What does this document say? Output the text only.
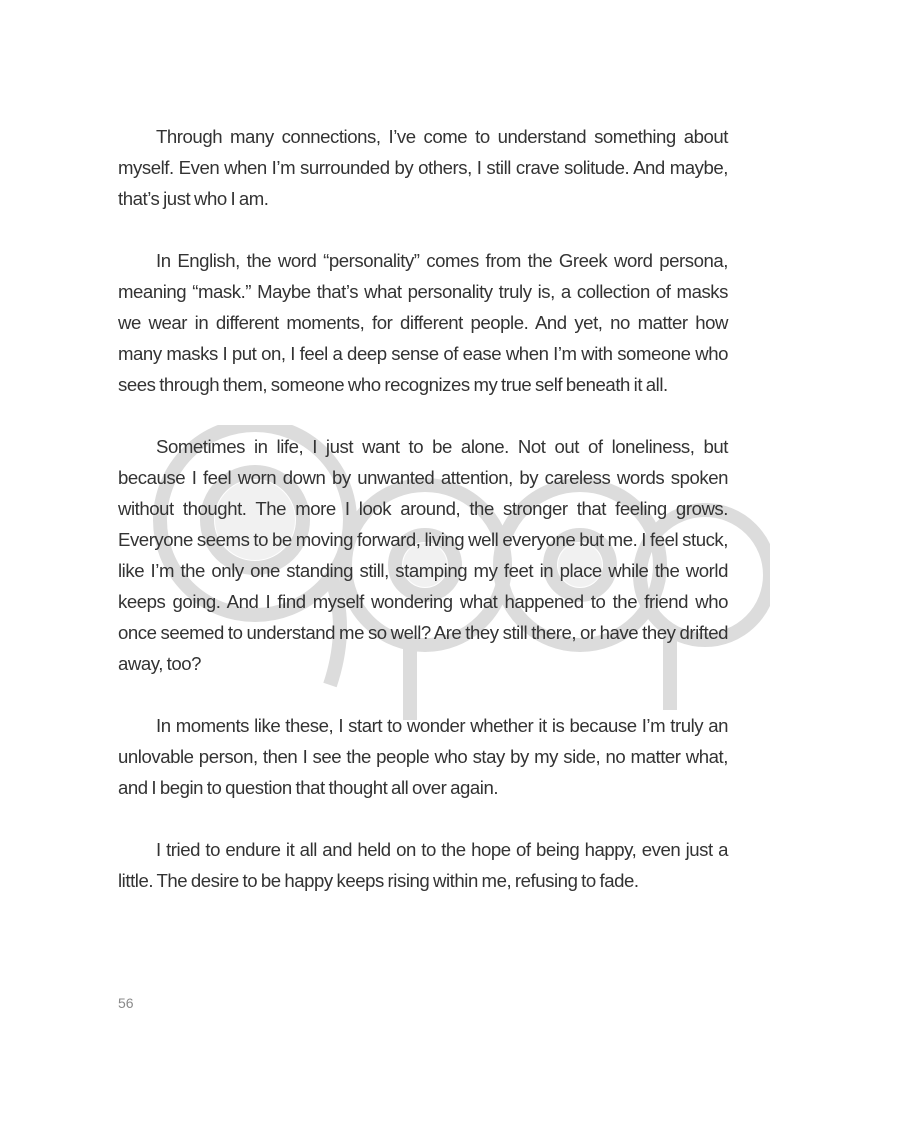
Through many connections, I’ve come to understand something about myself. Even when I’m surrounded by others, I still crave solitude. And maybe, that’s just who I am.

In English, the word “personality” comes from the Greek word persona, meaning “mask.” Maybe that’s what personality truly is, a collection of masks we wear in different moments, for different people. And yet, no matter how many masks I put on, I feel a deep sense of ease when I’m with someone who sees through them, someone who recognizes my true self beneath it all.

Sometimes in life, I just want to be alone. Not out of loneliness, but because I feel worn down by unwanted attention, by careless words spoken without thought. The more I look around, the stronger that feeling grows. Everyone seems to be moving forward, living well everyone but me. I feel stuck, like I’m the only one standing still, stamping my feet in place while the world keeps going. And I find myself wondering what happened to the friend who once seemed to understand me so well? Are they still there, or have they drifted away, too?

In moments like these, I start to wonder whether it is because I’m truly an unlovable person, then I see the people who stay by my side, no matter what, and I begin to question that thought all over again.

I tried to endure it all and held on to the hope of being happy, even just a little. The desire to be happy keeps rising within me, refusing to fade.

56
